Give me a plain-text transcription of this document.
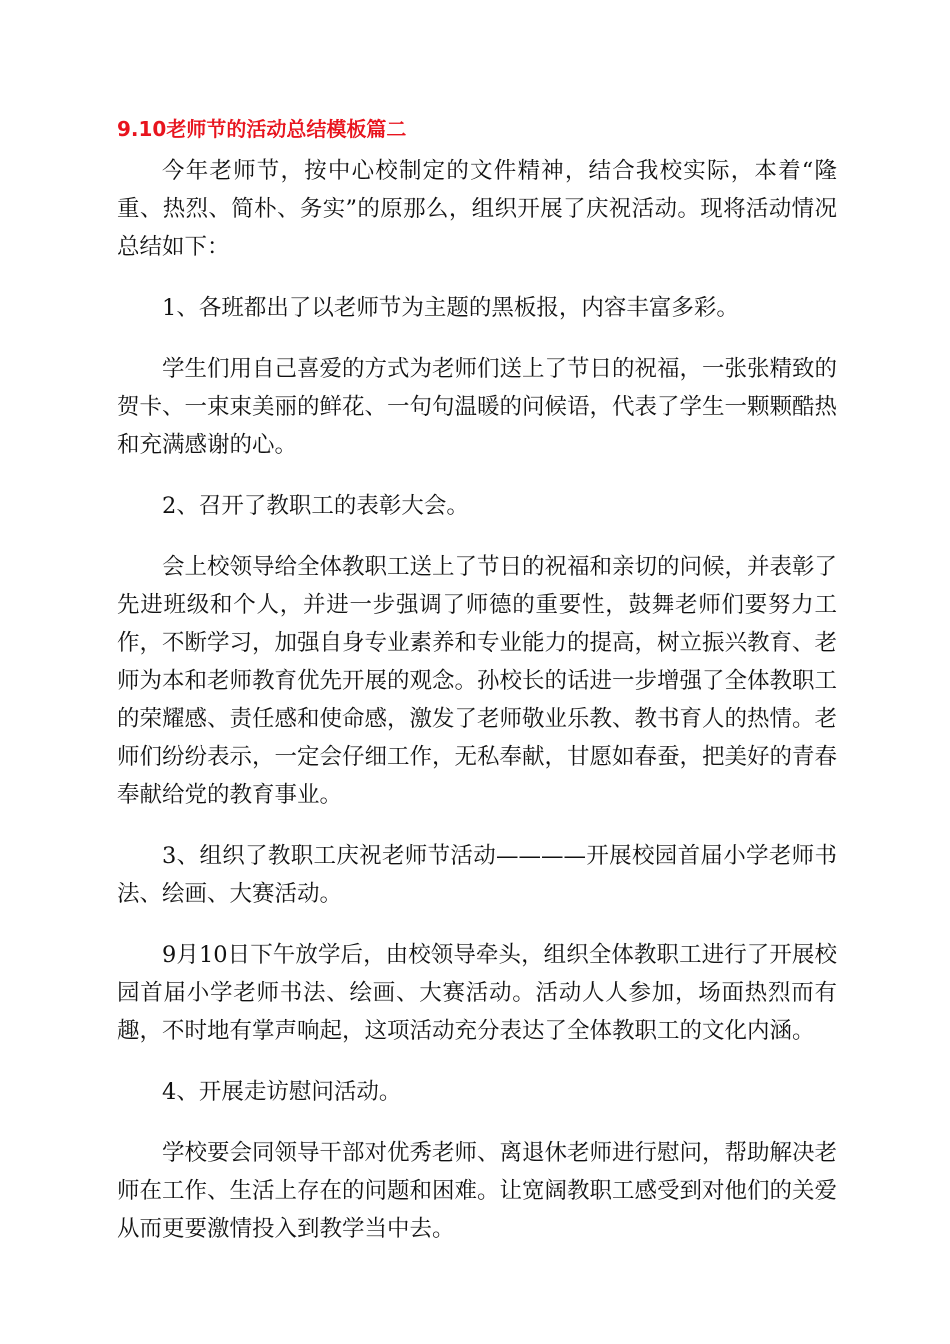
9.10老师节的活动总结模板篇二

今年老师节，按中心校制定的文件精神，结合我校实际，本着“隆重、热烈、简朴、务实”的原那么，组织开展了庆祝活动。现将活动情况总结如下：

1、各班都出了以老师节为主题的黑板报，内容丰富多彩。

学生们用自己喜爱的方式为老师们送上了节日的祝福，一张张精致的贺卡、一束束美丽的鲜花、一句句温暖的问候语，代表了学生一颗颗酷热和充满感谢的心。

2、召开了教职工的表彰大会。

会上校领导给全体教职工送上了节日的祝福和亲切的问候，并表彰了先进班级和个人，并进一步强调了师德的重要性，鼓舞老师们要努力工作，不断学习，加强自身专业素养和专业能力的提高，树立振兴教育、老师为本和老师教育优先开展的观念。孙校长的话进一步增强了全体教职工的荣耀感、责任感和使命感，激发了老师敬业乐教、教书育人的热情。老师们纷纷表示，一定会仔细工作，无私奉献，甘愿如春蚕，把美好的青春奉献给党的教育事业。

3、组织了教职工庆祝老师节活动————开展校园首届小学老师书法、绘画、大赛活动。

9月10日下午放学后，由校领导牵头，组织全体教职工进行了开展校园首届小学老师书法、绘画、大赛活动。活动人人参加，场面热烈而有趣，不时地有掌声响起，这项活动充分表达了全体教职工的文化内涵。

4、开展走访慰问活动。

学校要会同领导干部对优秀老师、离退休老师进行慰问，帮助解决老师在工作、生活上存在的问题和困难。让宽阔教职工感受到对他们的关爱从而更要激情投入到教学当中去。
